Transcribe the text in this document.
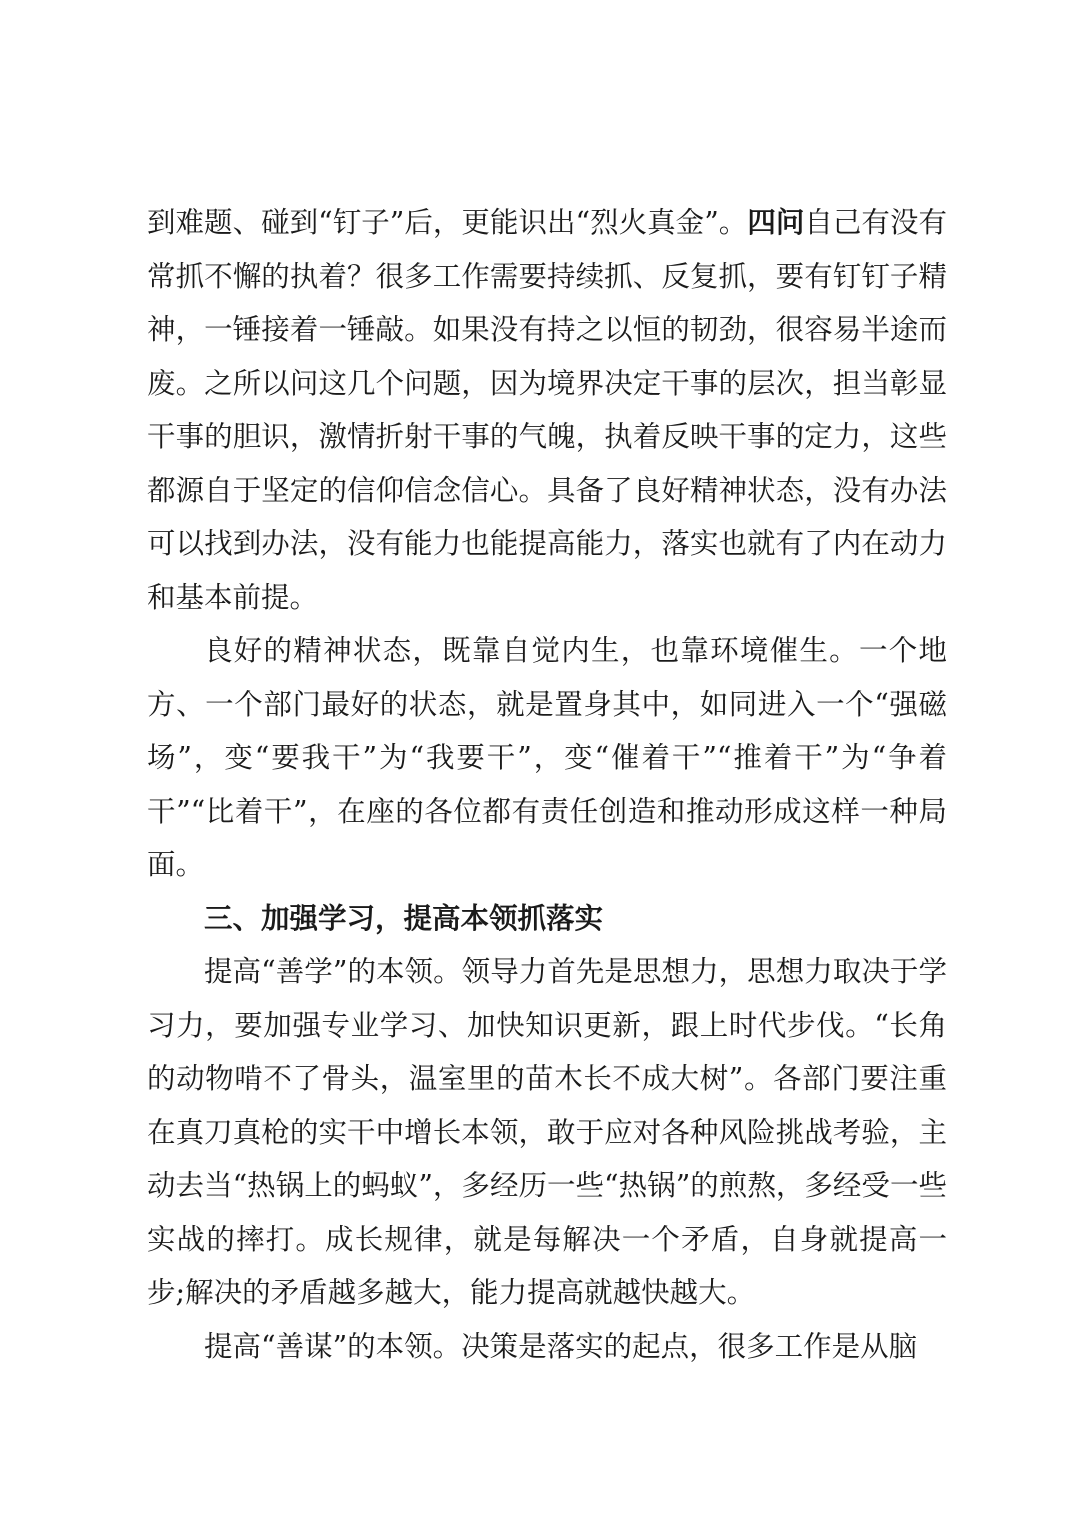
到难题、碰到“钉子”后，更能识出“烈火真金”。四问自己有没有常抓不懈的执着？很多工作需要持续抓、反复抓，要有钉钉子精神，一锤接着一锤敲。如果没有持之以恒的韧劲，很容易半途而废。之所以问这几个问题，因为境界决定干事的层次，担当彰显干事的胆识，激情折射干事的气魄，执着反映干事的定力，这些都源自于坚定的信仰信念信心。具备了良好精神状态，没有办法可以找到办法，没有能力也能提高能力，落实也就有了内在动力和基本前提。

良好的精神状态，既靠自觉内生，也靠环境催生。一个地方、一个部门最好的状态，就是置身其中，如同进入一个“强磁场”，变“要我干”为“我要干”，变“催着干”“推着干”为“争着干”“比着干”，在座的各位都有责任创造和推动形成这样一种局面。

三、加强学习，提高本领抓落实

提高“善学”的本领。领导力首先是思想力，思想力取决于学习力，要加强专业学习、加快知识更新，跟上时代步伐。“长角的动物啃不了骨头，温室里的苗木长不成大树”。各部门要注重在真刀真枪的实干中增长本领，敢于应对各种风险挑战考验，主动去当“热锅上的蚂蚁”，多经历一些“热锅”的煎熬，多经受一些实战的摔打。成长规律，就是每解决一个矛盾，自身就提高一步;解决的矛盾越多越大，能力提高就越快越大。

提高“善谋”的本领。决策是落实的起点，很多工作是从脑
